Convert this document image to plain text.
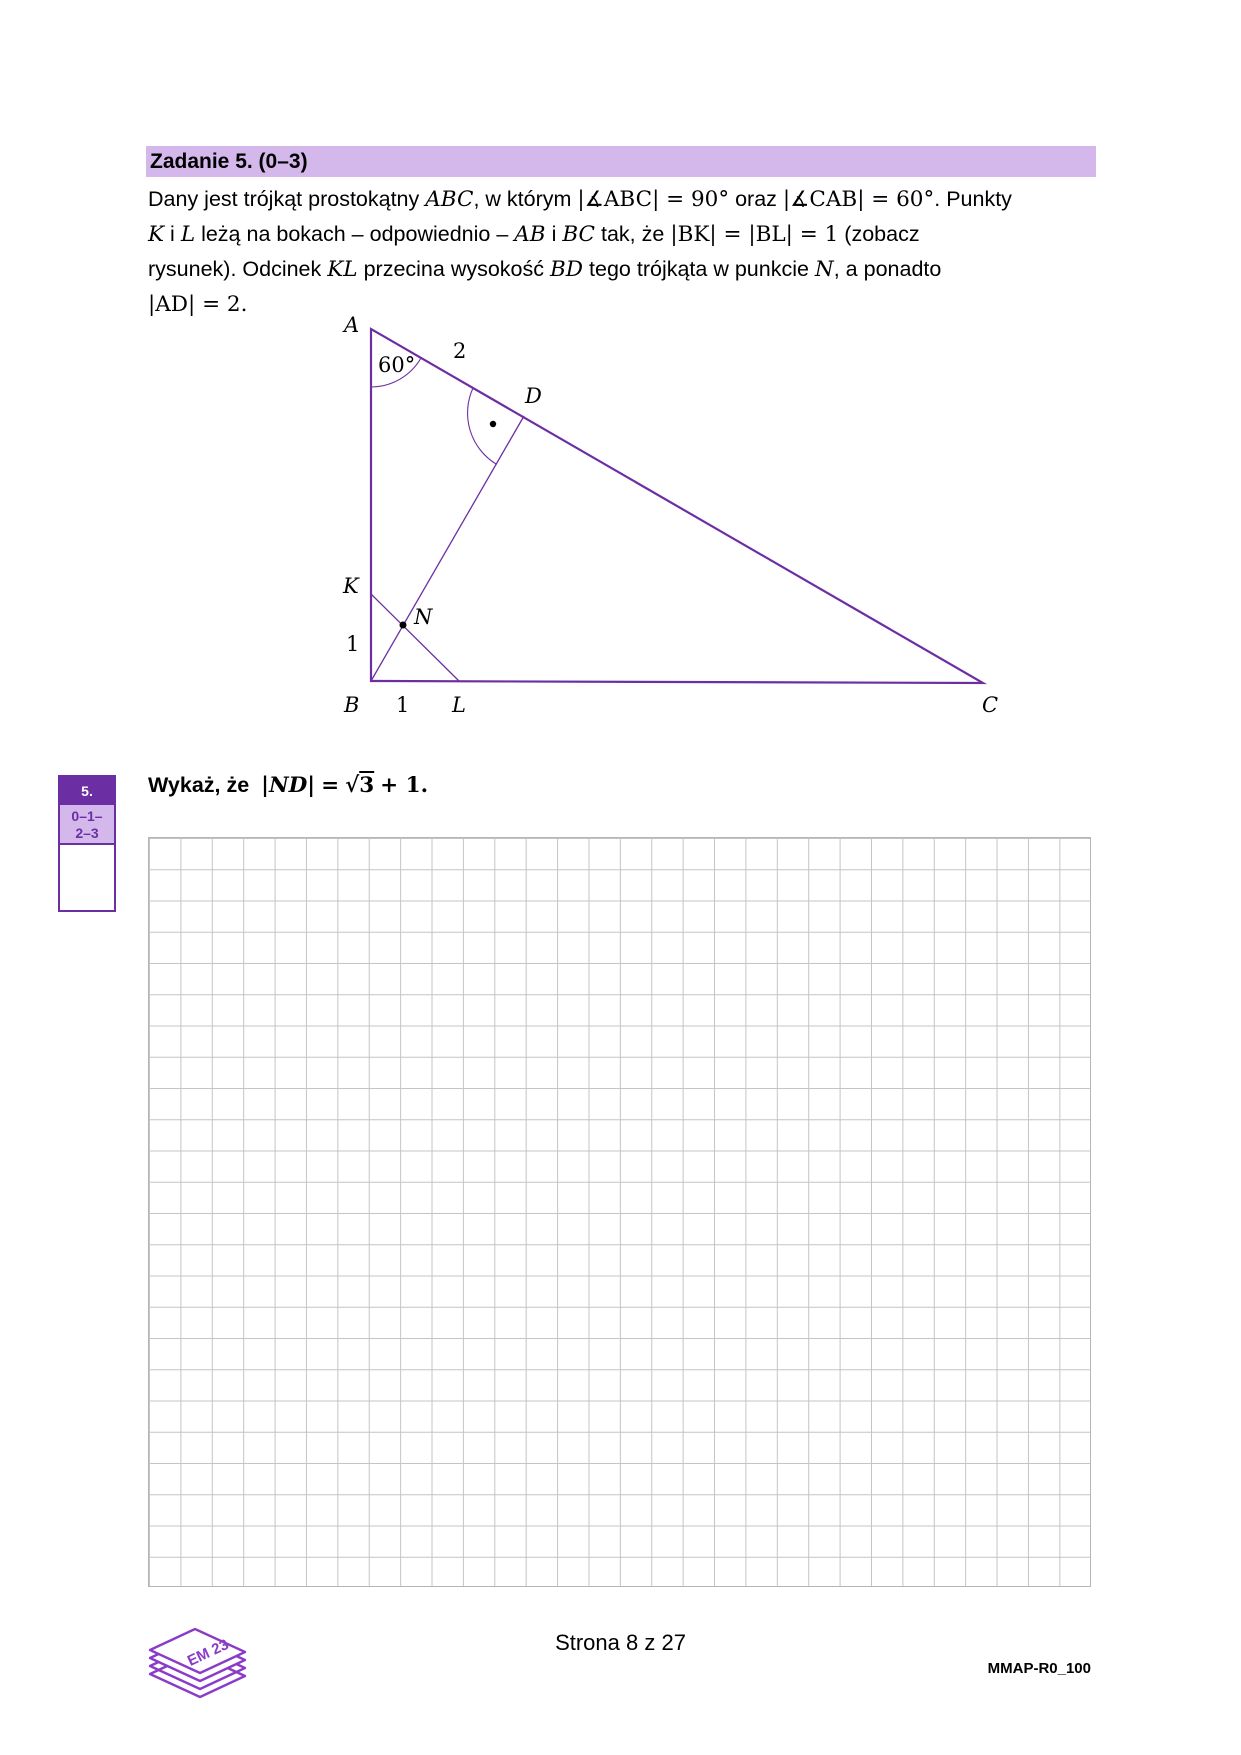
Zadanie 5. (0–3)
Dany jest trójkąt prostokątny ABC, w którym |∡ABC| = 90° oraz |∡CAB| = 60°. Punkty
K i L leżą na bokach – odpowiednio – AB i BC tak, że |BK| = |BL| = 1 (zobacz
rysunek). Odcinek KL przecina wysokość BD tego trójkąta w punkcie N, a ponadto
|AD| = 2.
A
60°
2
D
K
N
1
B 1 L	C
5.
0–1–
2–3
Wykaż, że |ND| = √3 + 1.
Strona 8 z 27
MMAP-R0_100
EM 23
